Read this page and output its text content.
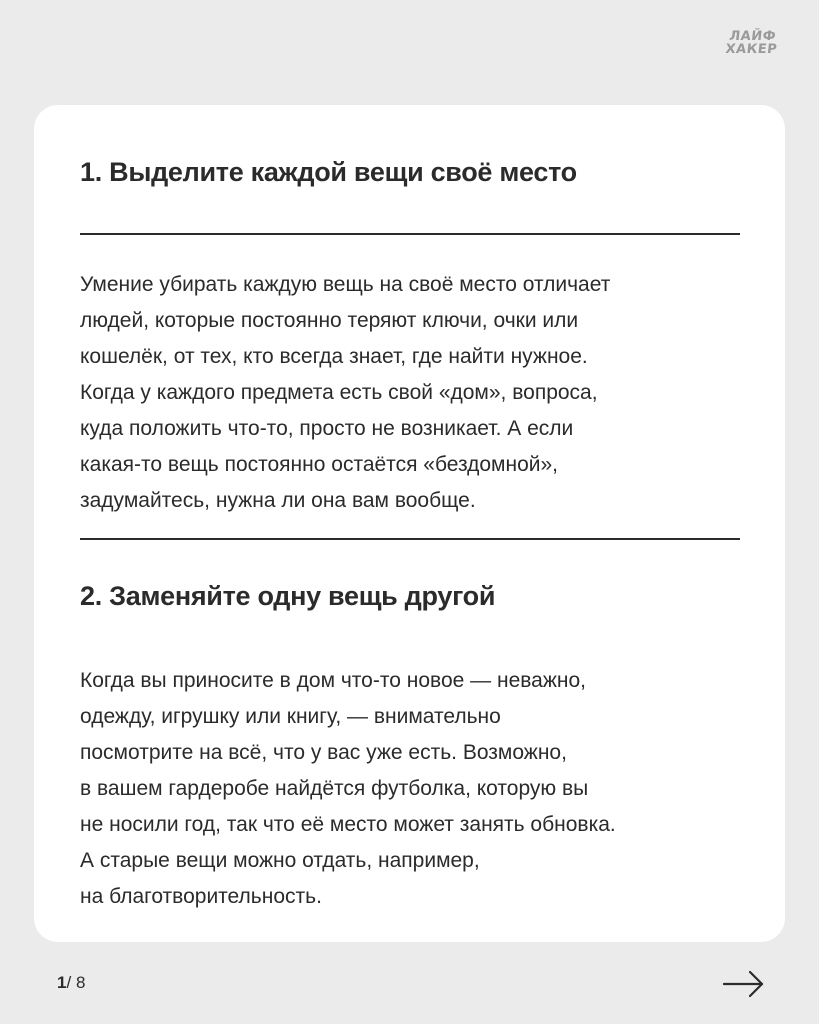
ЛАЙФ
ХАКЕР
1. Выделите каждой вещи своё место

Умение убирать каждую вещь на своё место отличает
людей, которые постоянно теряют ключи, очки или
кошелёк, от тех, кто всегда знает, где найти нужное.
Когда у каждого предмета есть свой «дом», вопроса,
куда положить что-то, просто не возникает. А если
какая-то вещь постоянно остаётся «бездомной»,
задумайтесь, нужна ли она вам вообще.

2. Заменяйте одну вещь другой

Когда вы приносите в дом что-то новое — неважно,
одежду, игрушку или книгу, — внимательно
посмотрите на всё, что у вас уже есть. Возможно,
в вашем гардеробе найдётся футболка, которую вы
не носили год, так что её место может занять обновка.
А старые вещи можно отдать, например,
на благотворительность.

1/ 8
